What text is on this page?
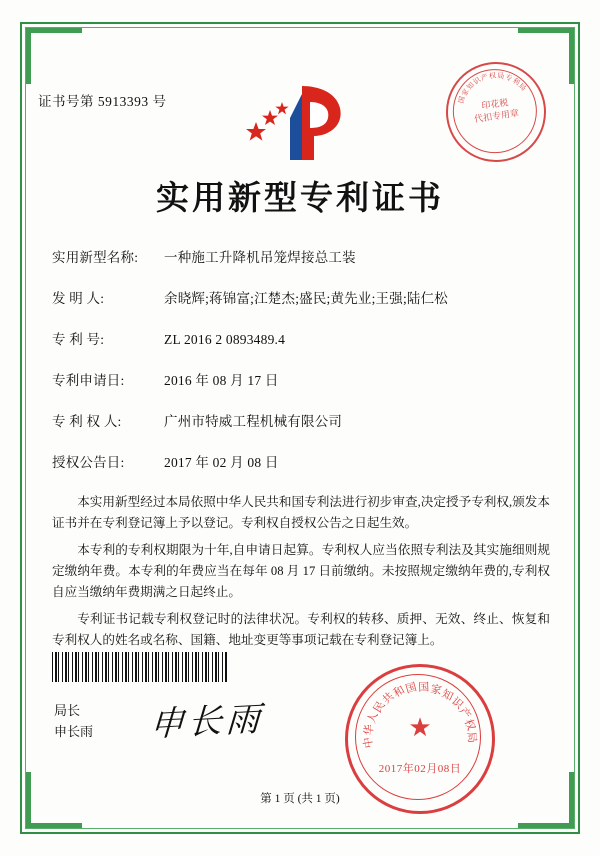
证书号第 5913393 号	国
家
知
识
产
权 局 专
利
局
印花税
代扣专用章
实用新型专利证书
实用新型名称:	一种施工升降机吊笼焊接总工装
发 明 人:	余晓辉;蒋锦富;江楚杰;盛民;黄先业;王强;陆仁松
专 利 号:	ZL 2016 2 0893489.4
专利申请日:	2016 年 08 月 17 日
专 利 权 人:	广州市特威工程机械有限公司
授权公告日:	2017 年 02 月 08 日

本实用新型经过本局依照中华人民共和国专利法进行初步审查,决定授予专利权,颁发本证书并在专利登记簿上予以登记。专利权自授权公告之日起生效。

本专利的专利权期限为十年,自申请日起算。专利权人应当依照专利法及其实施细则规定缴纳年费。本专利的年费应当在每年 08 月 17 日前缴纳。未按照规定缴纳年费的,专利权自应当缴纳年费期满之日起终止。

专利证书记载专利权登记时的法律状况。专利权的转移、质押、无效、终止、恢复和专利权人的姓名或名称、国籍、地址变更等事项记载在专利登记簿上。

局长
申长雨 申长雨	中
华
人
民
共
和
国 国 家
知
识
产
权
局
★
2017年02月08日
第 1 页 (共 1 页)
